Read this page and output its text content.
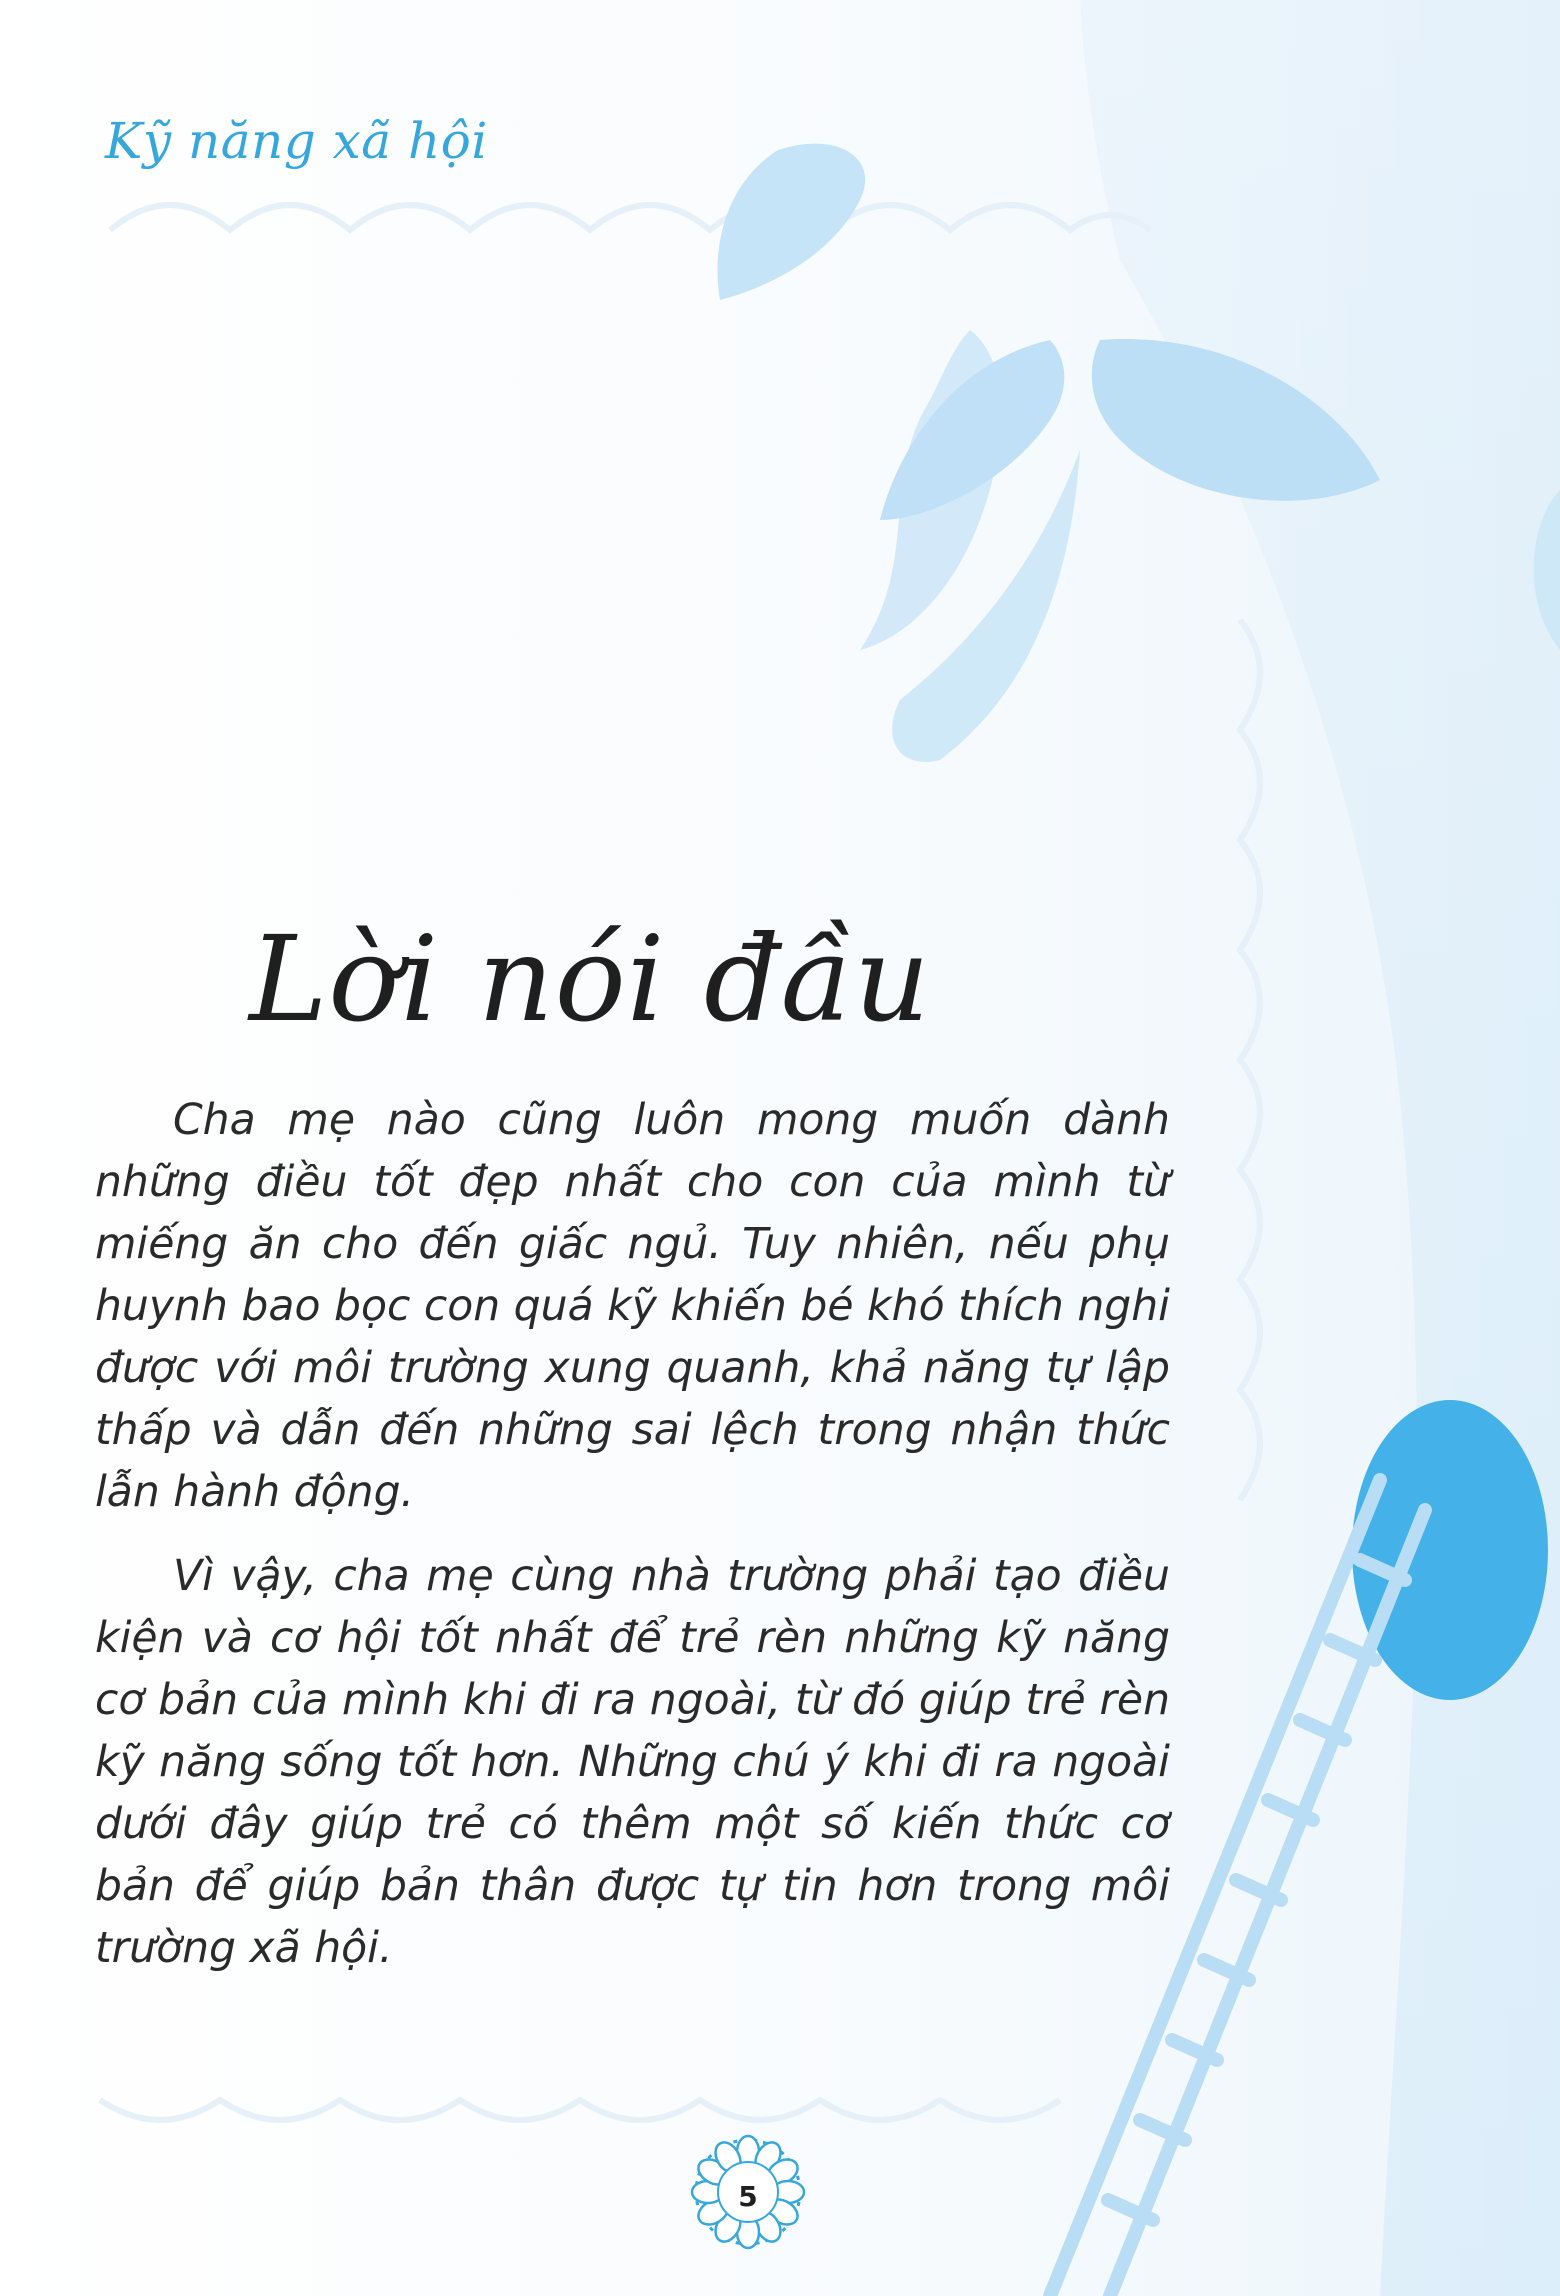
Kỹ năng xã hội
Lời nói đầu

Cha mẹ nào cũng luôn mong muốn dành những điều tốt đẹp nhất cho con của mình từ miếng ăn cho đến giấc ngủ. Tuy nhiên, nếu phụ huynh bao bọc con quá kỹ khiến bé khó thích nghi được với môi trường xung quanh, khả năng tự lập thấp và dẫn đến những sai lệch trong nhận thức lẫn hành động.

Vì vậy, cha mẹ cùng nhà trường phải tạo điều kiện và cơ hội tốt nhất để trẻ rèn những kỹ năng cơ bản của mình khi đi ra ngoài, từ đó giúp trẻ rèn kỹ năng sống tốt hơn. Những chú ý khi đi ra ngoài dưới đây giúp trẻ có thêm một số kiến thức cơ bản để giúp bản thân được tự tin hơn trong môi trường xã hội.

5
